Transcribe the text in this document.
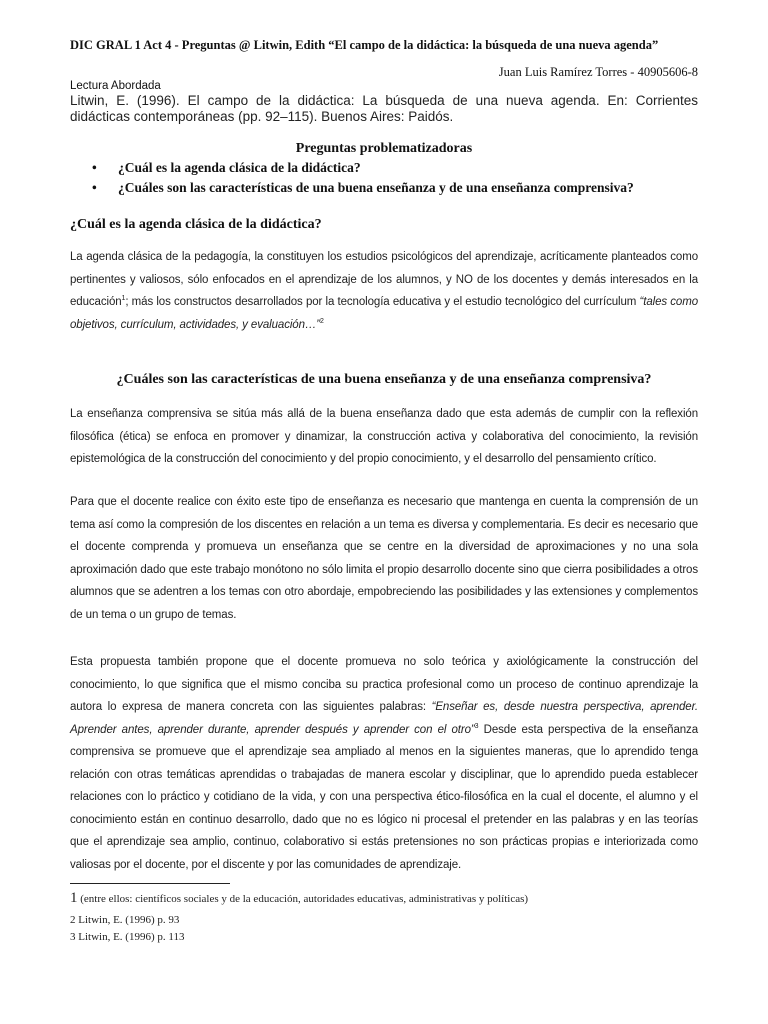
DIC GRAL 1 Act 4 - Preguntas @ Litwin, Edith “El campo de la didáctica: la búsqueda de una nueva agenda”
Juan Luis Ramírez Torres - 40905606-8
Lectura Abordada
Litwin, E. (1996). El campo de la didáctica: La búsqueda de una nueva agenda. En: Corrientes didácticas contemporáneas (pp. 92–115). Buenos Aires: Paidós.
Preguntas problematizadoras
• ¿Cuál es la agenda clásica de la didáctica?
• ¿Cuáles son las características de una buena enseñanza y de una enseñanza comprensiva?
¿Cuál es la agenda clásica de la didáctica?
La agenda clásica de la pedagogía, la constituyen los estudios psicológicos del aprendizaje, acríticamente planteados como pertinentes y valiosos, sólo enfocados en el aprendizaje de los alumnos, y NO de los docentes y demás interesados en la educación$^1$; más los constructos desarrollados por la tecnología educativa y el estudio tecnológico del currículum “tales como objetivos, currículum, actividades, y evaluación…”$^2$
¿Cuáles son las características de una buena enseñanza y de una enseñanza comprensiva?
La enseñanza comprensiva se sitúa más allá de la buena enseñanza dado que esta además de cumplir con la reflexión filosófica (ética) se enfoca en promover y dinamizar, la construcción activa y colaborativa del conocimiento, la revisión epistemológica de la construcción del conocimiento y del propio conocimiento, y el desarrollo del pensamiento crítico.
Para que el docente realice con éxito este tipo de enseñanza es necesario que mantenga en cuenta la comprensión de un tema así como la compresión de los discentes en relación a un tema es diversa y complementaria. Es decir es necesario que el docente comprenda y promueva un enseñanza que se centre en la diversidad de aproximaciones y no una sola aproximación dado que este trabajo monótono no sólo limita el propio desarrollo docente sino que cierra posibilidades a otros alumnos que se adentren a los temas con otro abordaje, empobreciendo las posibilidades y las extensiones y complementos de un tema o un grupo de temas.
Esta propuesta también propone que el docente promueva no solo teórica y axiológicamente la construcción del conocimiento, lo que significa que el mismo conciba su practica profesional como un proceso de continuo aprendizaje la autora lo expresa de manera concreta con las siguientes palabras: “Enseñar es, desde nuestra perspectiva, aprender. Aprender antes, aprender durante, aprender después y aprender con el otro”$^3$ Desde esta perspectiva de la enseñanza comprensiva se promueve que el aprendizaje sea ampliado al menos en la siguientes maneras, que lo aprendido tenga relación con otras temáticas aprendidas o trabajadas de manera escolar y disciplinar, que lo aprendido pueda establecer relaciones con lo práctico y cotidiano de la vida, y con una perspectiva ético-filosófica en la cual el docente, el alumno y el conocimiento están en continuo desarrollo, dado que no es lógico ni procesal el pretender en las palabras y en las teorías que el aprendizaje sea amplio, continuo, colaborativo si estás pretensiones no son prácticas propias e interiorizada como valiosas por el docente, por el discente y por las comunidades de aprendizaje.
1 (entre ellos: científicos sociales y de la educación, autoridades educativas, administrativas y políticas)
2 Litwin, E. (1996) p. 93
3 Litwin, E. (1996) p. 113
